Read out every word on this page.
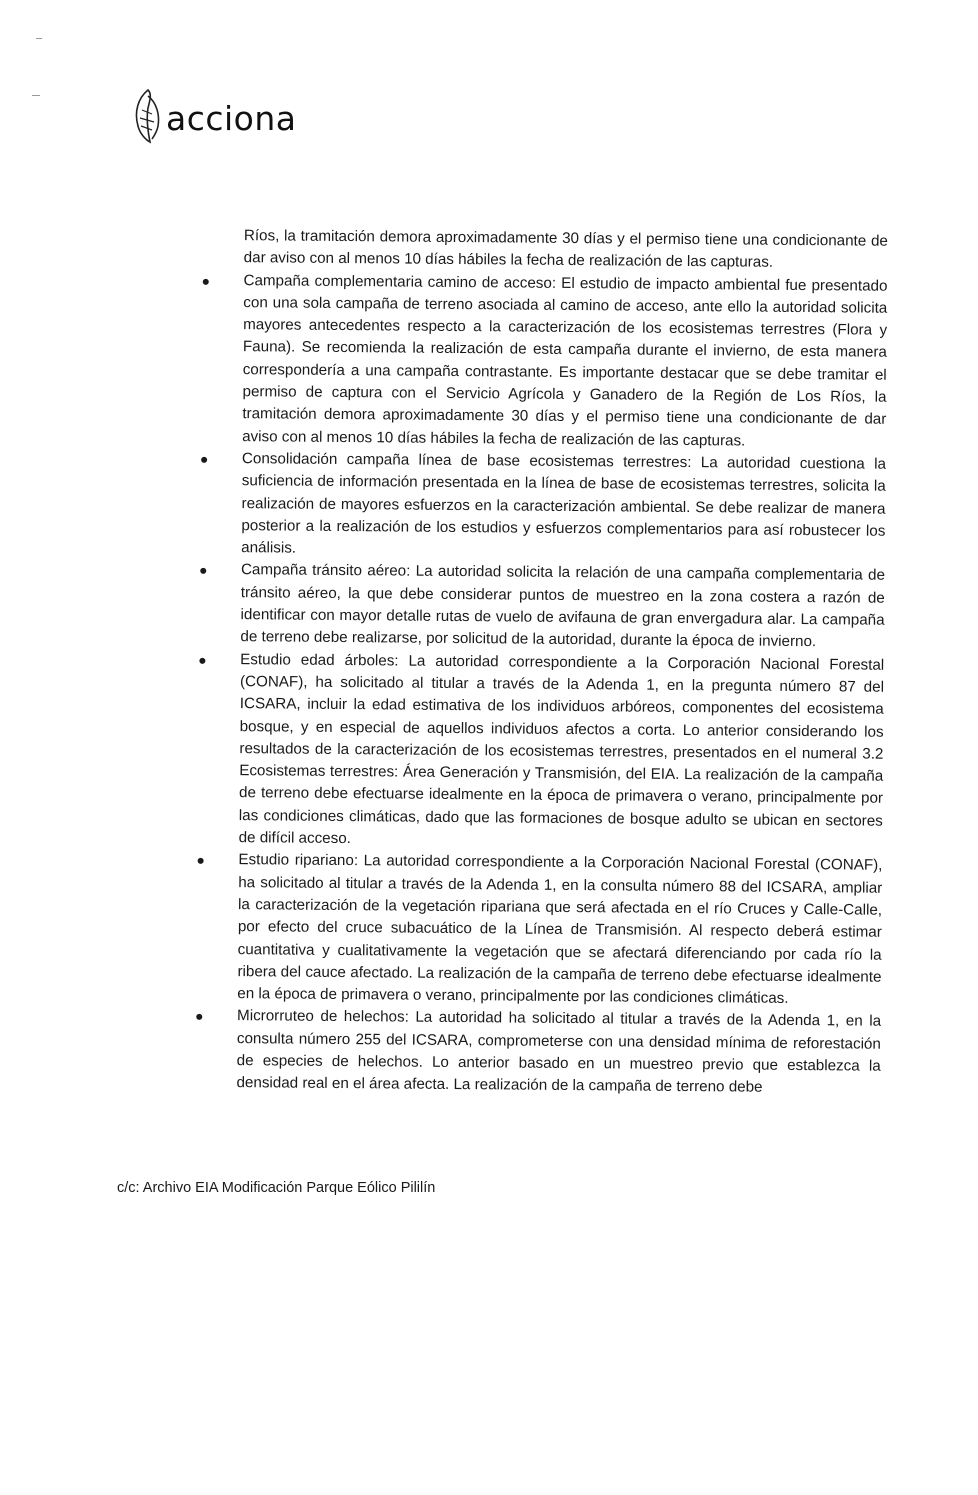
acciona

Ríos, la tramitación demora aproximadamente 30 días y el permiso tiene una condicionante de dar aviso con al menos 10 días hábiles la fecha de realización de las capturas.

● Campaña complementaria camino de acceso: El estudio de impacto ambiental fue presentado con una sola campaña de terreno asociada al camino de acceso, ante ello la autoridad solicita mayores antecedentes respecto a la caracterización de los ecosistemas terrestres (Flora y Fauna). Se recomienda la realización de esta campaña durante el invierno, de esta manera correspondería a una campaña contrastante. Es importante destacar que se debe tramitar el permiso de captura con el Servicio Agrícola y Ganadero de la Región de Los Ríos, la tramitación demora aproximadamente 30 días y el permiso tiene una condicionante de dar aviso con al menos 10 días hábiles la fecha de realización de las capturas.
● Consolidación campaña línea de base ecosistemas terrestres: La autoridad cuestiona la suficiencia de información presentada en la línea de base de ecosistemas terrestres, solicita la realización de mayores esfuerzos en la caracterización ambiental. Se debe realizar de manera posterior a la realización de los estudios y esfuerzos complementarios para así robustecer los análisis.
● Campaña tránsito aéreo: La autoridad solicita la relación de una campaña complementaria de tránsito aéreo, la que debe considerar puntos de muestreo en la zona costera a razón de identificar con mayor detalle rutas de vuelo de avifauna de gran envergadura alar. La campaña de terreno debe realizarse, por solicitud de la autoridad, durante la época de invierno.
● Estudio edad árboles: La autoridad correspondiente a la Corporación Nacional Forestal (CONAF), ha solicitado al titular a través de la Adenda 1, en la pregunta número 87 del ICSARA, incluir la edad estimativa de los individuos arbóreos, componentes del ecosistema bosque, y en especial de aquellos individuos afectos a corta. Lo anterior considerando los resultados de la caracterización de los ecosistemas terrestres, presentados en el numeral 3.2 Ecosistemas terrestres: Área Generación y Transmisión, del EIA. La realización de la campaña de terreno debe efectuarse idealmente en la época de primavera o verano, principalmente por las condiciones climáticas, dado que las formaciones de bosque adulto se ubican en sectores de difícil acceso.
● Estudio ripariano: La autoridad correspondiente a la Corporación Nacional Forestal (CONAF), ha solicitado al titular a través de la Adenda 1, en la consulta número 88 del ICSARA, ampliar la caracterización de la vegetación ripariana que será afectada en el río Cruces y Calle-Calle, por efecto del cruce subacuático de la Línea de Transmisión. Al respecto deberá estimar cuantitativa y cualitativamente la vegetación que se afectará diferenciando por cada río la ribera del cauce afectado. La realización de la campaña de terreno debe efectuarse idealmente en la época de primavera o verano, principalmente por las condiciones climáticas.
● Microrruteo de helechos: La autoridad ha solicitado al titular a través de la Adenda 1, en la consulta número 255 del ICSARA, comprometerse con una densidad mínima de reforestación de especies de helechos. Lo anterior basado en un muestreo previo que establezca la densidad real en el área afecta. La realización de la campaña de terreno debe
c/c: Archivo EIA Modificación Parque Eólico Pililín
